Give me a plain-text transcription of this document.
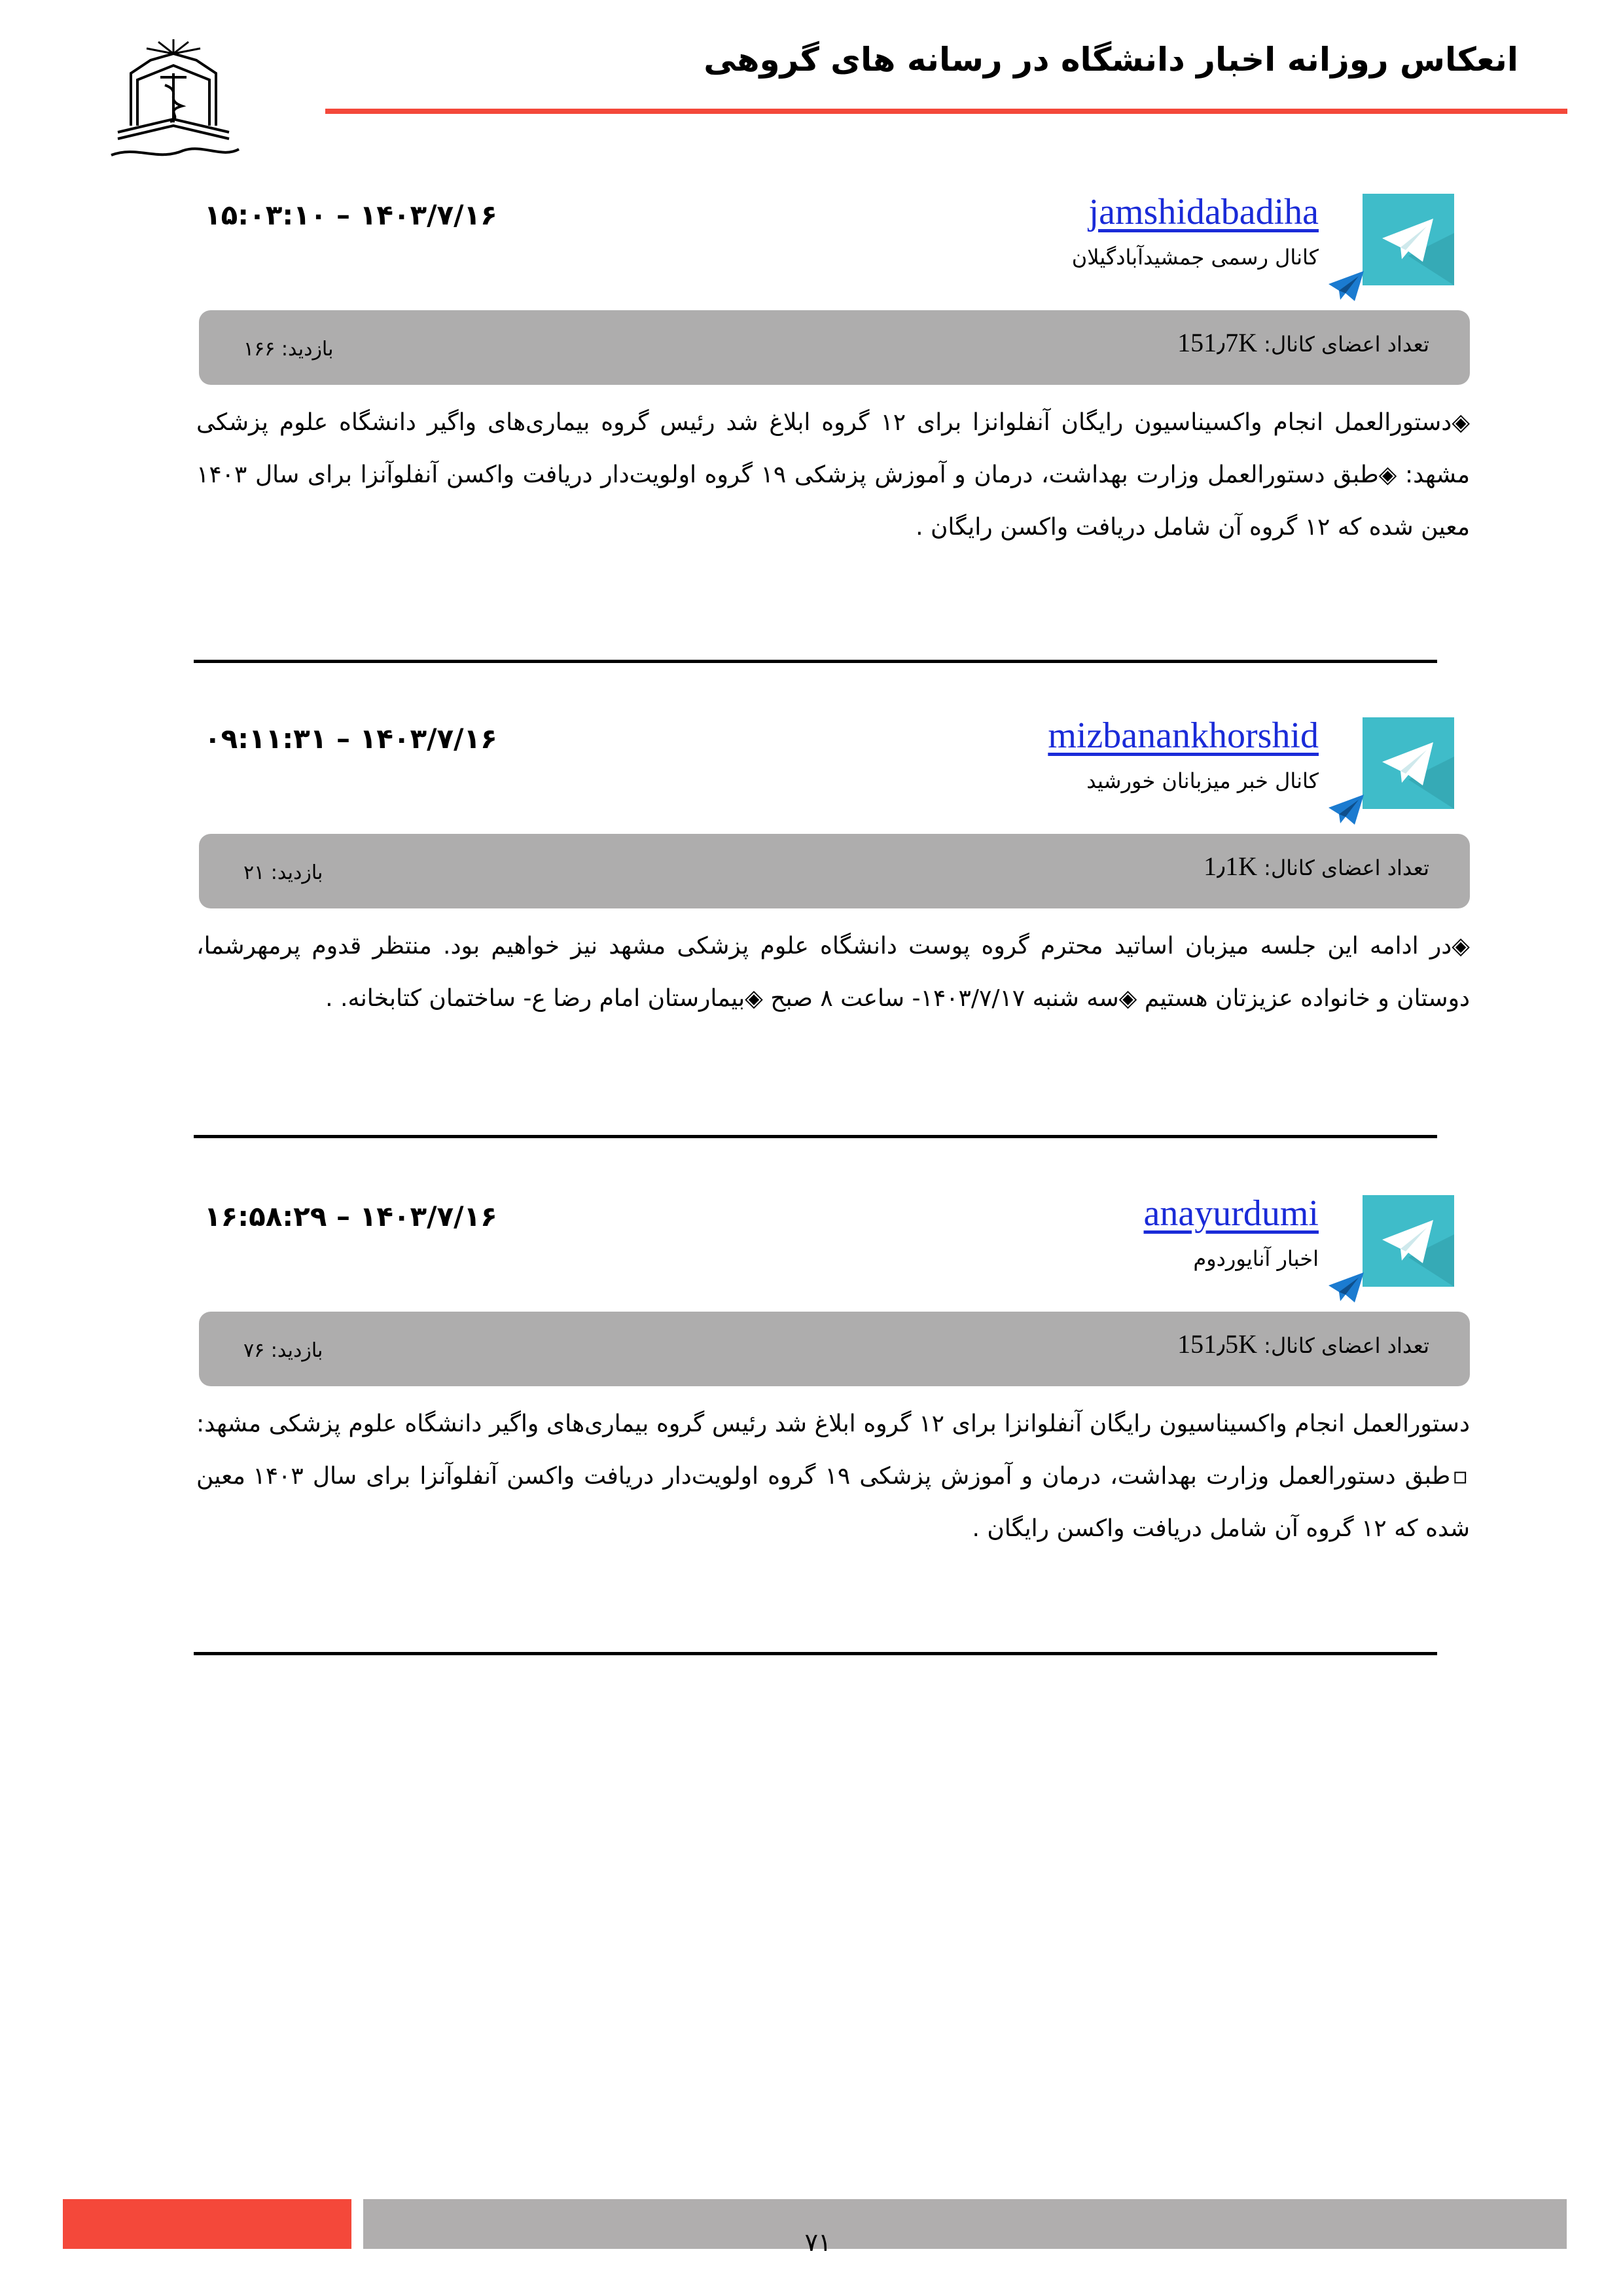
انعکاس روزانه اخبار دانشگاه در رسانه های گروهی
jamshidabadiha
کانال رسمی جمشیدآبادگیلان
۱۵:۰۳:۱۰ – ۱۴۰۳/۷/۱۶
تعداد اعضای کانال: 151٫7K
بازدید: ۱۶۶
◈دستورالعمل انجام واکسیناسیون رایگان آنفلوانزا برای ۱۲ گروه ابلاغ شد رئیس گروه بیماری‌های واگیر دانشگاه علوم پزشکی مشهد: ◈طبق دستورالعمل وزارت بهداشت، درمان و آموزش پزشکی ۱۹ گروه اولویت‌دار دریافت واکسن آنفلوآنزا برای سال ۱۴۰۳ معین شده که ۱۲ گروه آن شامل دریافت واکسن رایگان .
mizbanankhorshid
کانال خبر میزبانان خورشید
۰۹:۱۱:۳۱ – ۱۴۰۳/۷/۱۶
تعداد اعضای کانال: 1٫1K
بازدید: ۲۱
◈در ادامه این جلسه میزبان اساتید محترم گروه پوست دانشگاه علوم پزشکی مشهد نیز خواهیم بود. منتظر قدوم پرمهرشما، دوستان و خانواده عزیزتان هستیم ◈سه شنبه ۱۴۰۳/۷/۱۷- ساعت ۸ صبح ◈بیمارستان امام رضا ع- ساختمان کتابخانه. .
anayurdumi
اخبار آنایوردوم
۱۶:۵۸:۲۹ – ۱۴۰۳/۷/۱۶
تعداد اعضای کانال: 151٫5K
بازدید: ۷۶
دستورالعمل انجام واکسیناسیون رایگان آنفلوانزا برای ۱۲ گروه ابلاغ شد رئیس گروه بیماری‌های واگیر دانشگاه علوم پزشکی مشهد: ▫طبق دستورالعمل وزارت بهداشت، درمان و آموزش پزشکی ۱۹ گروه اولویت‌دار دریافت واکسن آنفلوآنزا برای سال ۱۴۰۳ معین شده که ۱۲ گروه آن شامل دریافت واکسن رایگان .
۷۱
